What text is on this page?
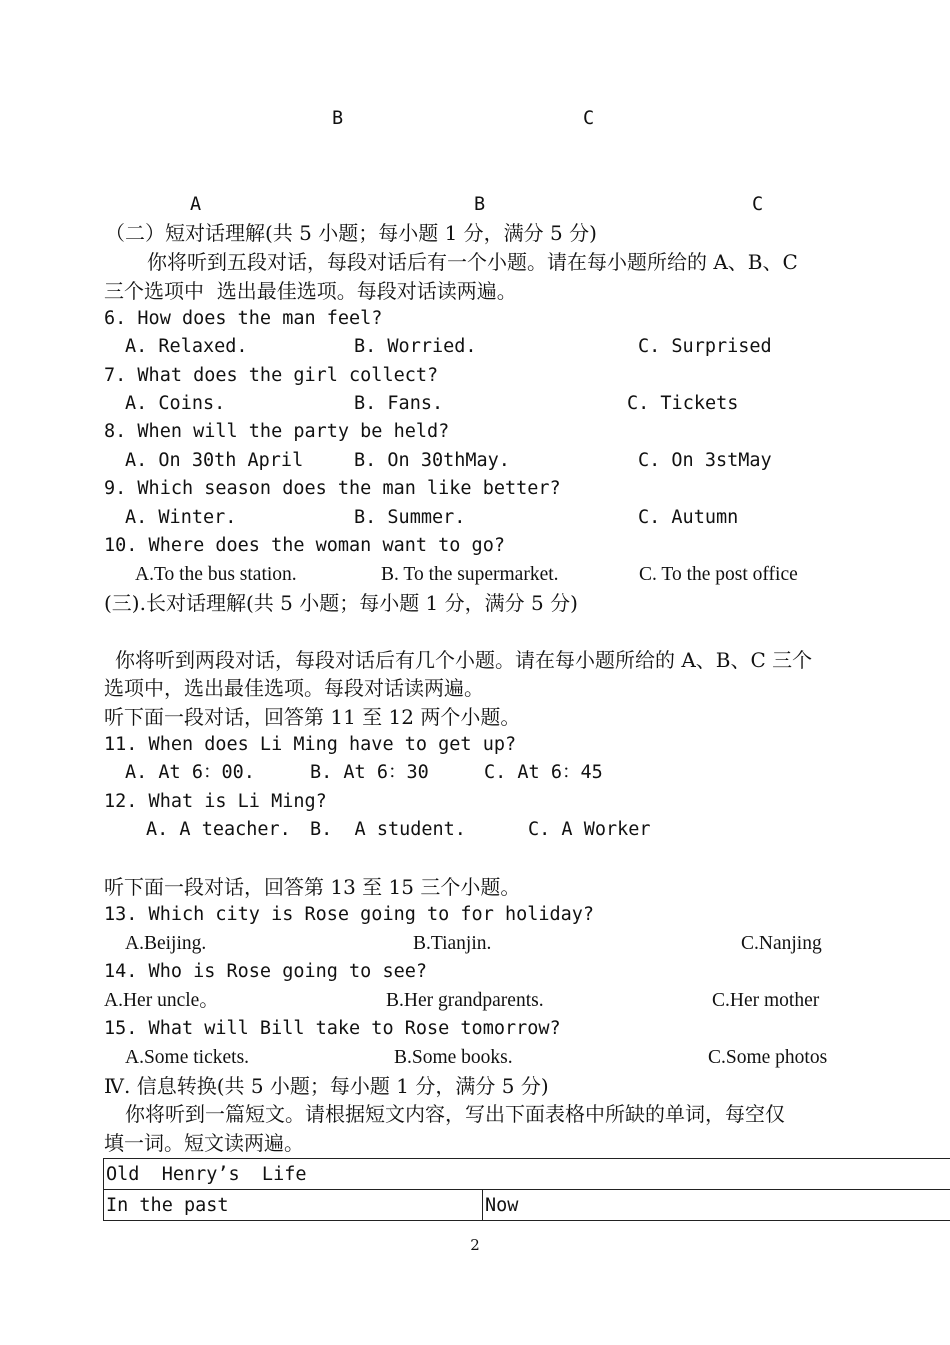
B	C
A	B	C
（二）短对话理解(共 5 小题；每小题 1 分，满分 5 分)
你将听到五段对话，每段对话后有一个小题。请在每小题所给的 A、B、C
三个选项中  选出最佳选项。每段对话读两遍。
6. How does the man feel?
A. Relaxed.	B. Worried.	C. Surprised
7. What does the girl collect?
A. Coins.	B. Fans.	C. Tickets
8. When will the party be held?
A. On 30th April	B. On 30thMay.	C. On 3stMay
9. Which season does the man like better?
A. Winter.	B. Summer.	C. Autumn
10. Where does the woman want to go?
A.To the bus station.	B. To the supermarket.	C. To the post office
(三).长对话理解(共 5 小题；每小题 1 分，满分 5 分)
你将听到两段对话，每段对话后有几个小题。请在每小题所给的 A、B、C 三个
选项中，选出最佳选项。每段对话读两遍。
听下面一段对话，回答第 11 至 12 两个小题。
11. When does Li Ming have to get up?
A. At 6：00.	B. At 6：30	C. At 6：45
12. What is Li Ming?
A. A teacher. B.  A student.	C. A Worker
听下面一段对话，回答第 13 至 15 三个小题。
13. Which city is Rose going to for holiday?
A.Beijing.	B.Tianjin.	C.Nanjing
14. Who is Rose going to see?
A.Her uncle。	B.Her grandparents.	C.Her mother
15. What will Bill take to Rose tomorrow?
A.Some tickets.	B.Some books.	C.Some photos
Ⅳ. 信息转换(共 5 小题；每小题 1 分，满分 5 分)
你将听到一篇短文。请根据短文内容，写出下面表格中所缺的单词，每空仅
填一词。短文读两遍。
Old  Henry’s  Life
In the past	Now
2
